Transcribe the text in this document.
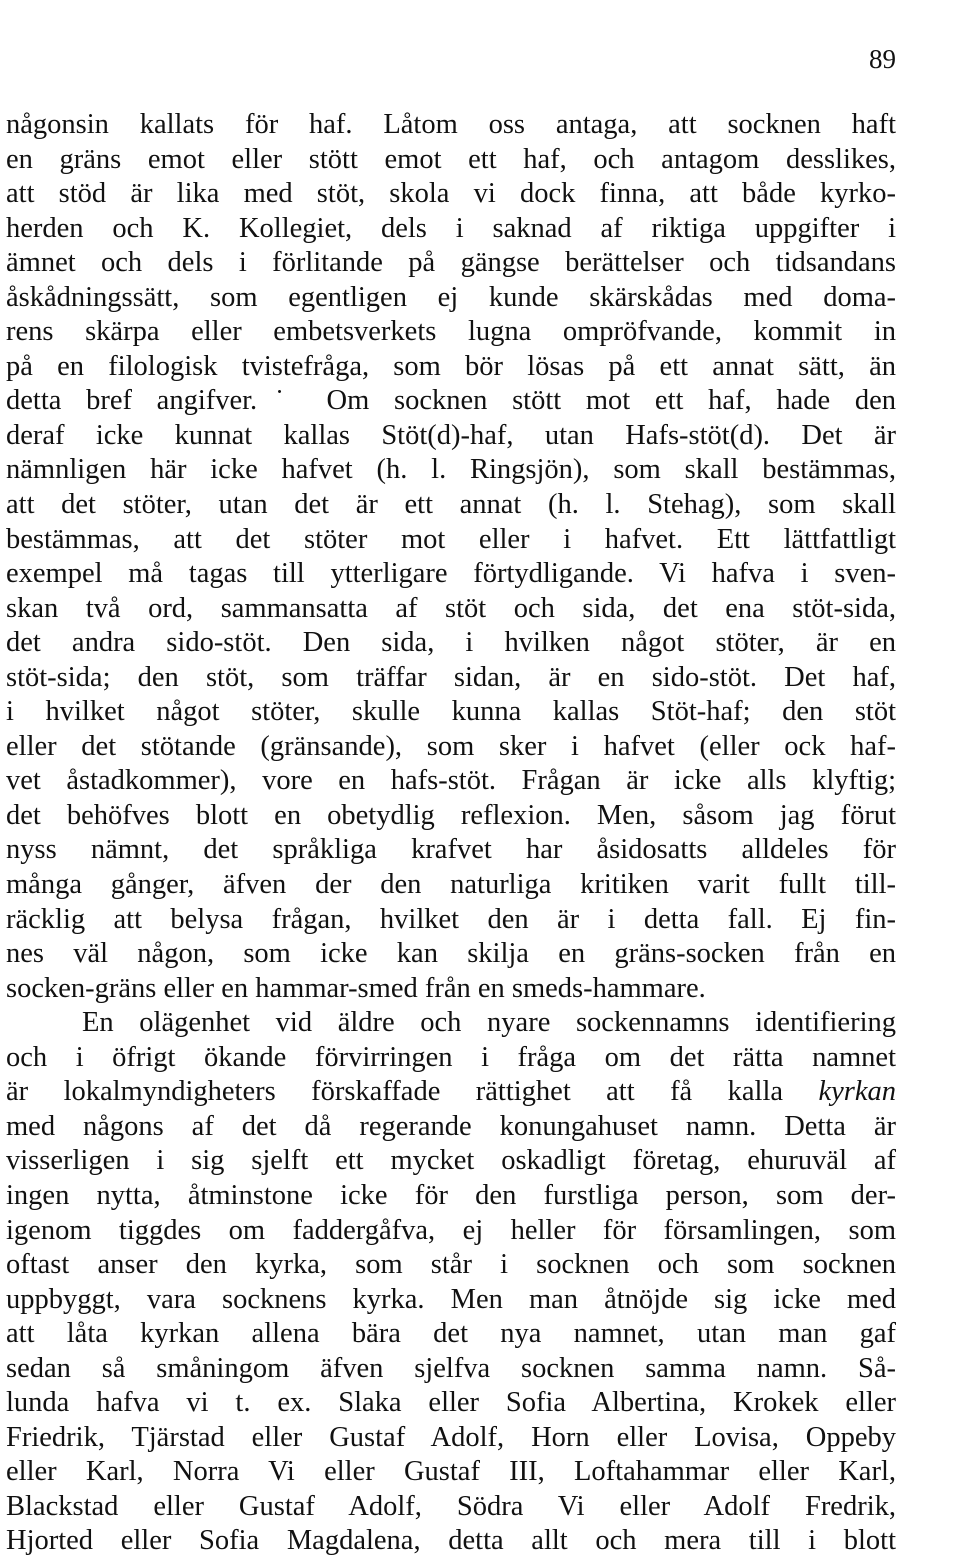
89
någonsin kallats för haf. Låtom oss antaga, att socknen haft
en gräns emot eller stött emot ett haf, och antagom desslikes,
att stöd är lika med stöt, skola vi dock finna, att både kyrko-
herden och K. Kollegiet, dels i saknad af riktiga uppgifter i
ämnet och dels i förlitande på gängse berättelser och tidsandans
åskådningssätt, som egentligen ej kunde skärskådas med doma-
rens skärpa eller embetsverkets lugna ompröfvande, kommit in
på en filologisk tvistefråga, som bör lösas på ett annat sätt, än
detta bref angifver.˙ Om socknen stött mot ett haf, hade den
deraf icke kunnat kallas Stöt(d)-haf, utan Hafs-stöt(d). Det är
nämnligen här icke hafvet (h. l. Ringsjön), som skall bestämmas,
att det stöter, utan det är ett annat (h. l. Stehag), som skall
bestämmas, att det stöter mot eller i hafvet. Ett lättfattligt
exempel må tagas till ytterligare förtydligande. Vi hafva i sven-
skan två ord, sammansatta af stöt och sida, det ena stöt-sida,
det andra sido-stöt. Den sida, i hvilken något stöter, är en
stöt-sida; den stöt, som träffar sidan, är en sido-stöt. Det haf,
i hvilket något stöter, skulle kunna kallas Stöt-haf; den stöt
eller det stötande (gränsande), som sker i hafvet (eller ock haf-
vet åstadkommer), vore en hafs-stöt. Frågan är icke alls klyftig;
det behöfves blott en obetydlig reflexion. Men, såsom jag förut
nyss nämnt, det språkliga krafvet har åsidosatts alldeles för
många gånger, äfven der den naturliga kritiken varit fullt till-
räcklig att belysa frågan, hvilket den är i detta fall. Ej fin-
nes väl någon, som icke kan skilja en gräns-socken från en
socken-gräns eller en hammar-smed från en smeds-hammare.
En olägenhet vid äldre och nyare sockennamns identifiering
och i öfrigt ökande förvirringen i fråga om det rätta namnet
är lokalmyndigheters förskaffade rättighet att få kalla kyrkan
med någons af det då regerande konungahuset namn. Detta är
visserligen i sig sjelft ett mycket oskadligt företag, ehuruväl af
ingen nytta, åtminstone icke för den furstliga person, som der-
igenom tiggdes om faddergåfva, ej heller för församlingen, som
oftast anser den kyrka, som står i socknen och som socknen
uppbyggt, vara socknens kyrka. Men man åtnöjde sig icke med
att låta kyrkan allena bära det nya namnet, utan man gaf
sedan så småningom äfven sjelfva socknen samma namn. Så-
lunda hafva vi t. ex. Slaka eller Sofia Albertina, Krokek eller
Friedrik, Tjärstad eller Gustaf Adolf, Horn eller Lovisa, Oppeby
eller Karl, Norra Vi eller Gustaf III, Loftahammar eller Karl,
Blackstad eller Gustaf Adolf, Södra Vi eller Adolf Fredrik,
Hjorted eller Sofia Magdalena, detta allt och mera till i blott
